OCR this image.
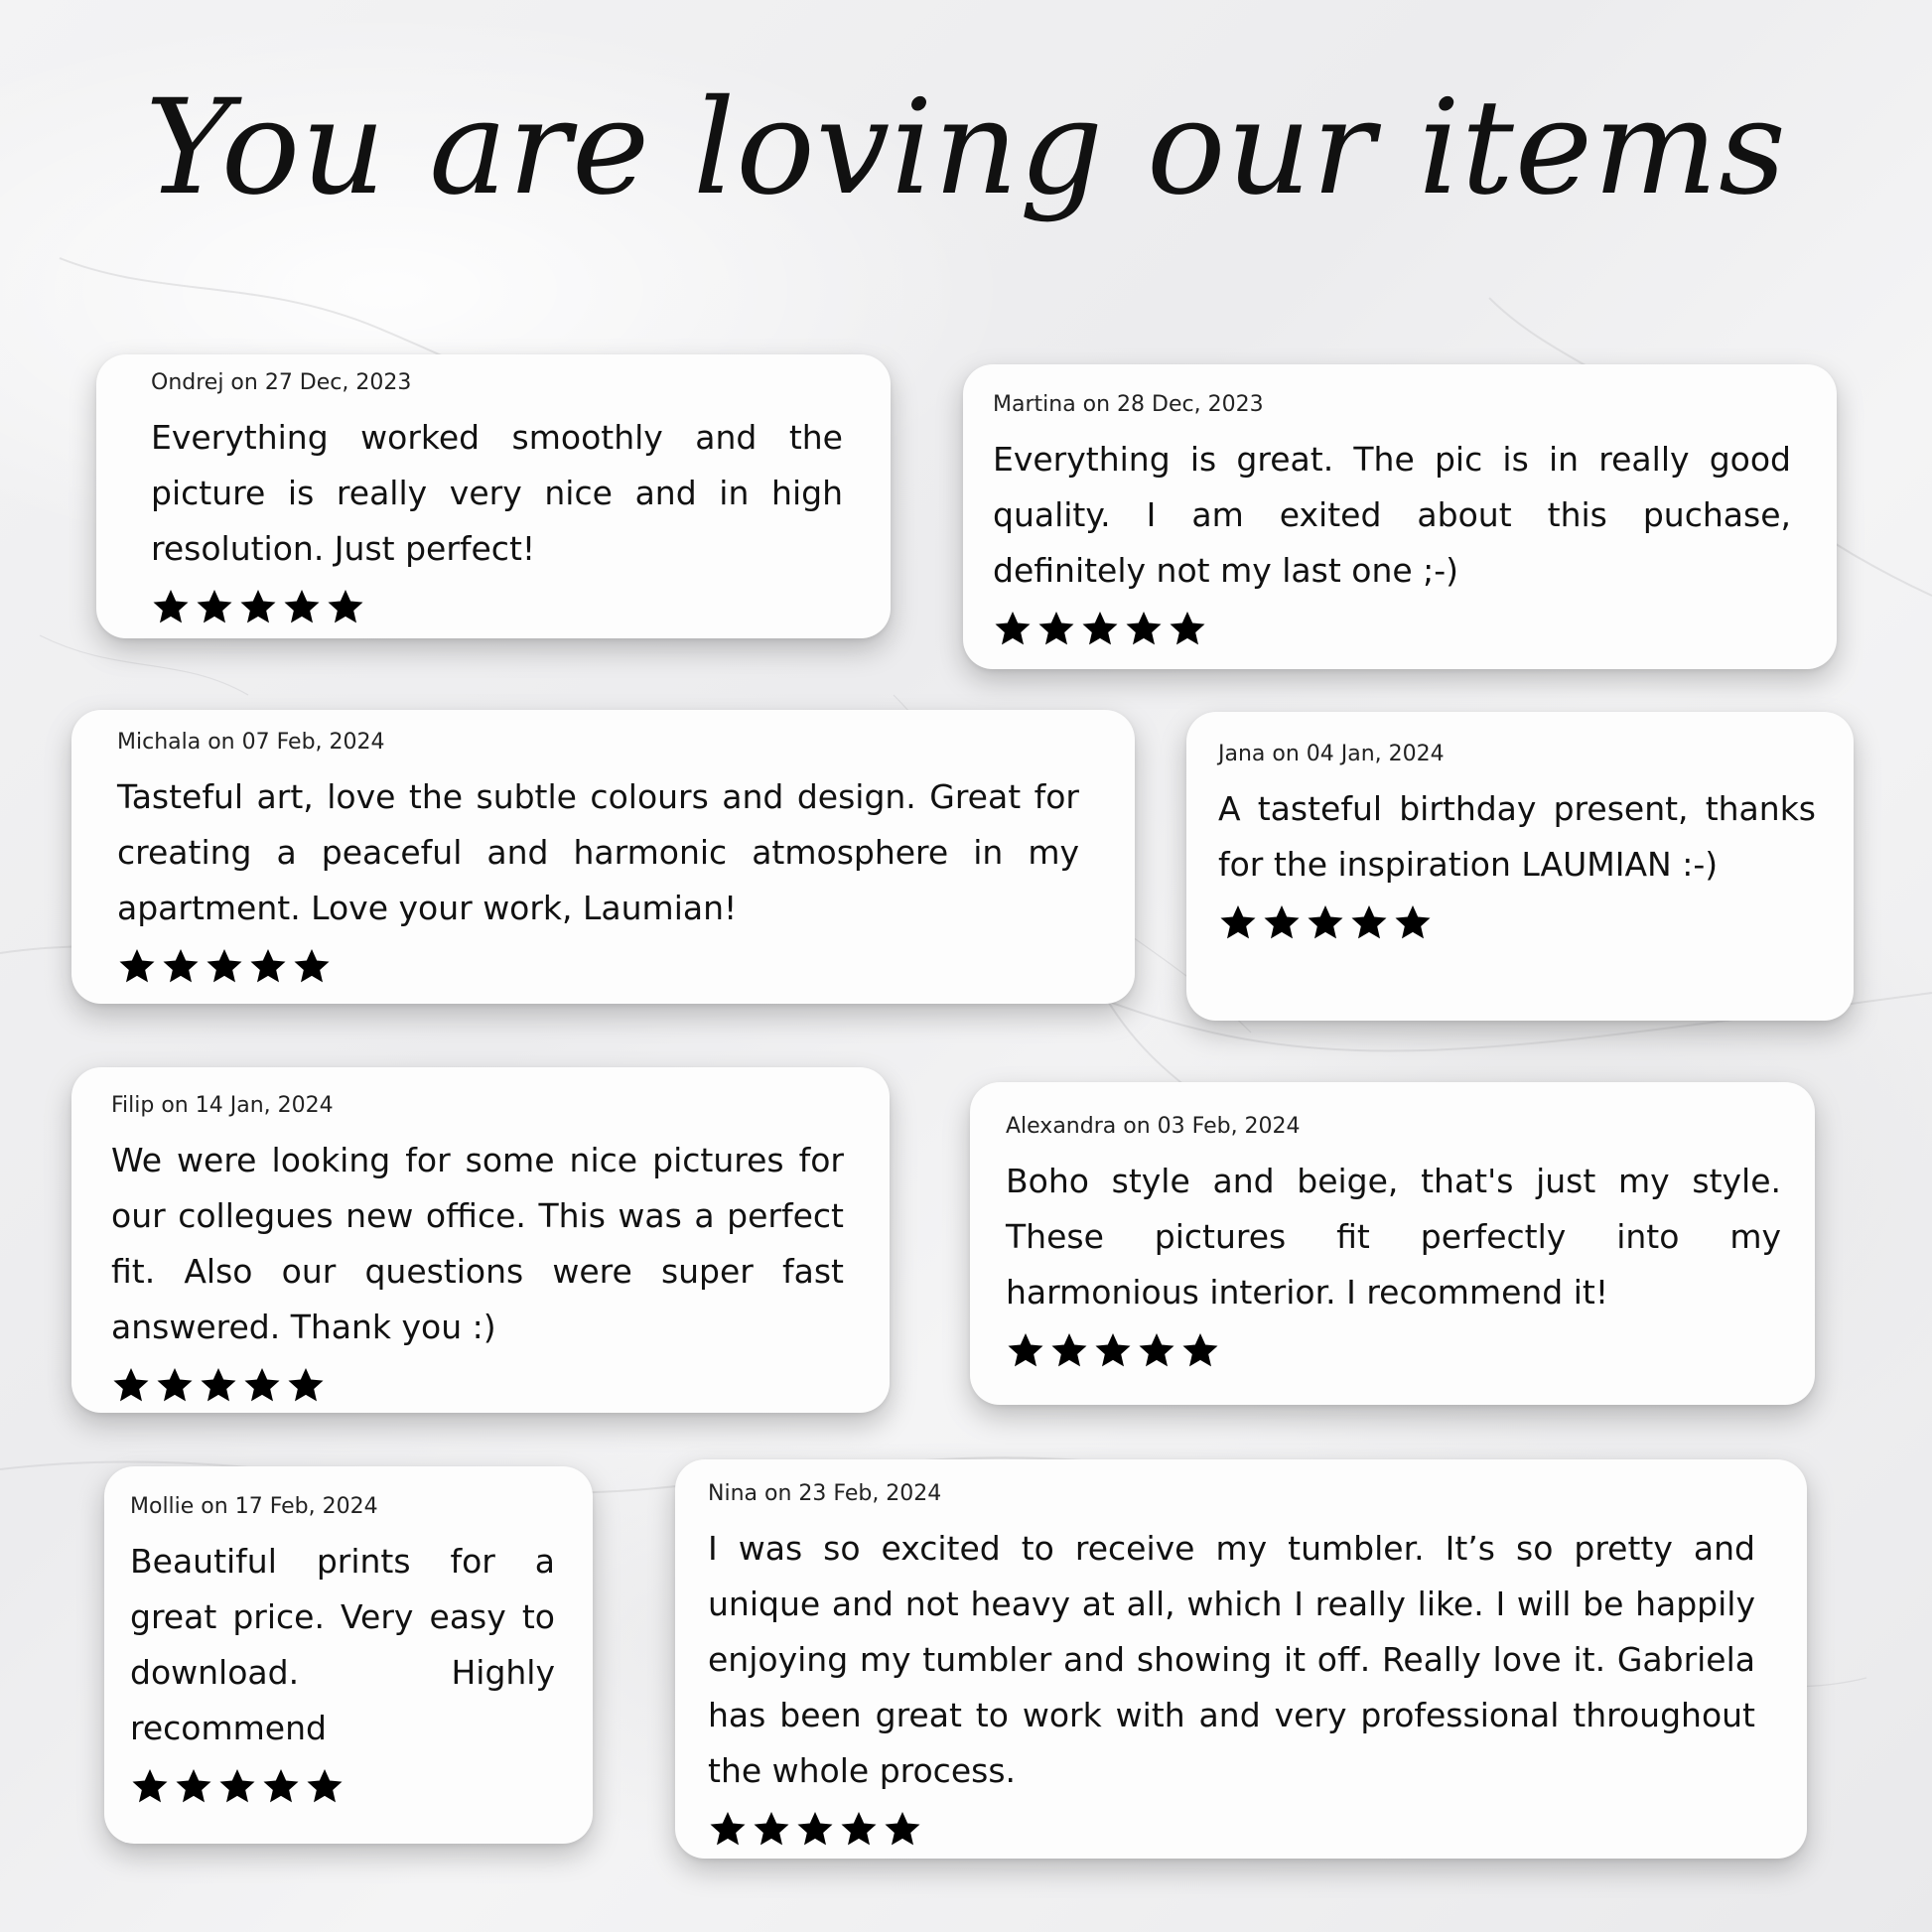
You are loving our items
Ondrej on 27 Dec, 2023

Everything worked smoothly and the picture is really very nice and in high resolution. Just perfect!

Martina on 28 Dec, 2023

Everything is great. The pic is in really good quality. I am exited about this puchase, definitely not my last one ;-)

Michala on 07 Feb, 2024

Tasteful art, love the subtle colours and design. Great for creating a peaceful and harmonic atmosphere in my apartment. Love your work, Laumian!

Jana on 04 Jan, 2024

A tasteful birthday present, thanks for the inspiration LAUMIAN :-)

Filip on 14 Jan, 2024

We were looking for some nice pictures for our collegues new office. This was a perfect fit. Also our questions were super fast answered. Thank you :)

Alexandra on 03 Feb, 2024

Boho style and beige, that's just my style. These pictures fit perfectly into my harmonious interior. I recommend it!

Mollie on 17 Feb, 2024

Beautiful prints for a great price. Very easy to download. Highly recommend

Nina on 23 Feb, 2024

I was so excited to receive my tumbler. It’s so pretty and unique and not heavy at all, which I really like. I will be happily enjoying my tumbler and showing it off. Really love it. Gabriela has been great to work with and very professional throughout the whole process.
